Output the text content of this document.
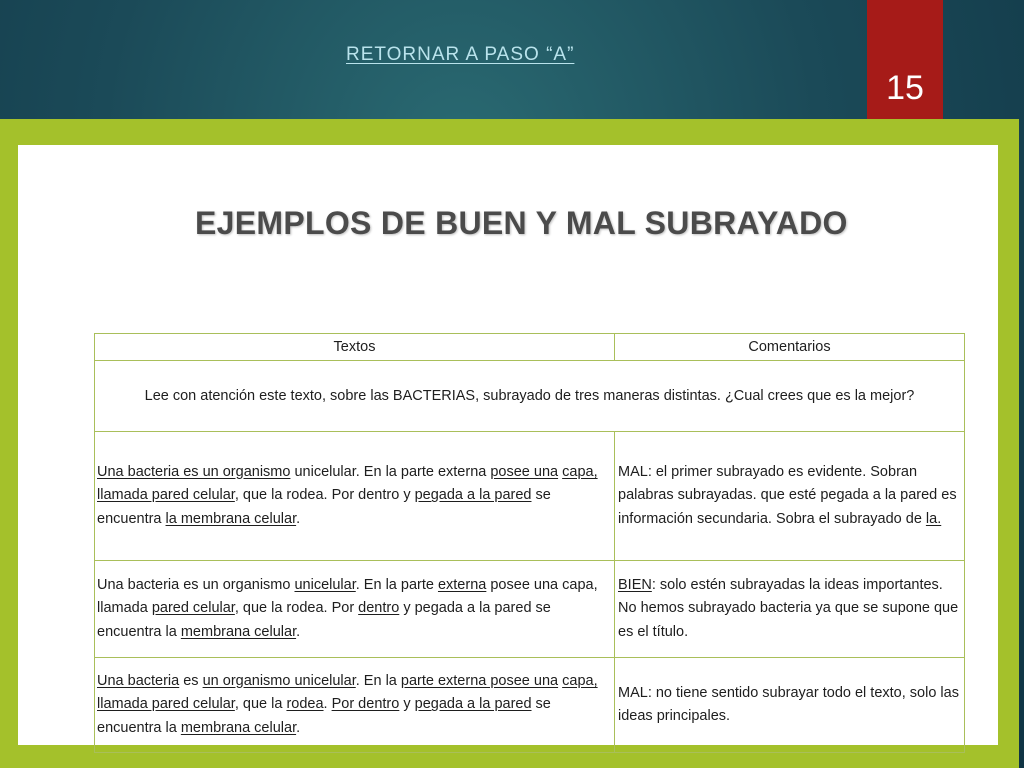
RETORNAR A PASO “A”
15
EJEMPLOS DE BUEN Y MAL SUBRAYADO
Textos	Comentarios
Lee con atención este texto, sobre las BACTERIAS, subrayado de tres maneras distintas. ¿Cual crees que es la mejor?	
Una bacteria es un organismo unicelular. En la parte externa posee una capa, llamada pared celular, que la rodea. Por dentro y pegada a la pared se encuentra la membrana celular.	MAL: el primer subrayado es evidente. Sobran palabras subrayadas. que esté pegada a la pared es información secundaria. Sobra el subrayado de la.
Una bacteria es un organismo unicelular. En la parte externa posee una capa, llamada pared celular, que la rodea. Por dentro y pegada a la pared se encuentra la membrana celular.	BIEN: solo estén subrayadas la ideas importantes. No hemos subrayado bacteria ya que se supone que es el título.
Una bacteria es un organismo unicelular. En la parte externa posee una capa, llamada pared celular, que la rodea. Por dentro y pegada a la pared se encuentra la membrana celular.	MAL: no tiene sentido subrayar todo el texto, solo las ideas principales.
